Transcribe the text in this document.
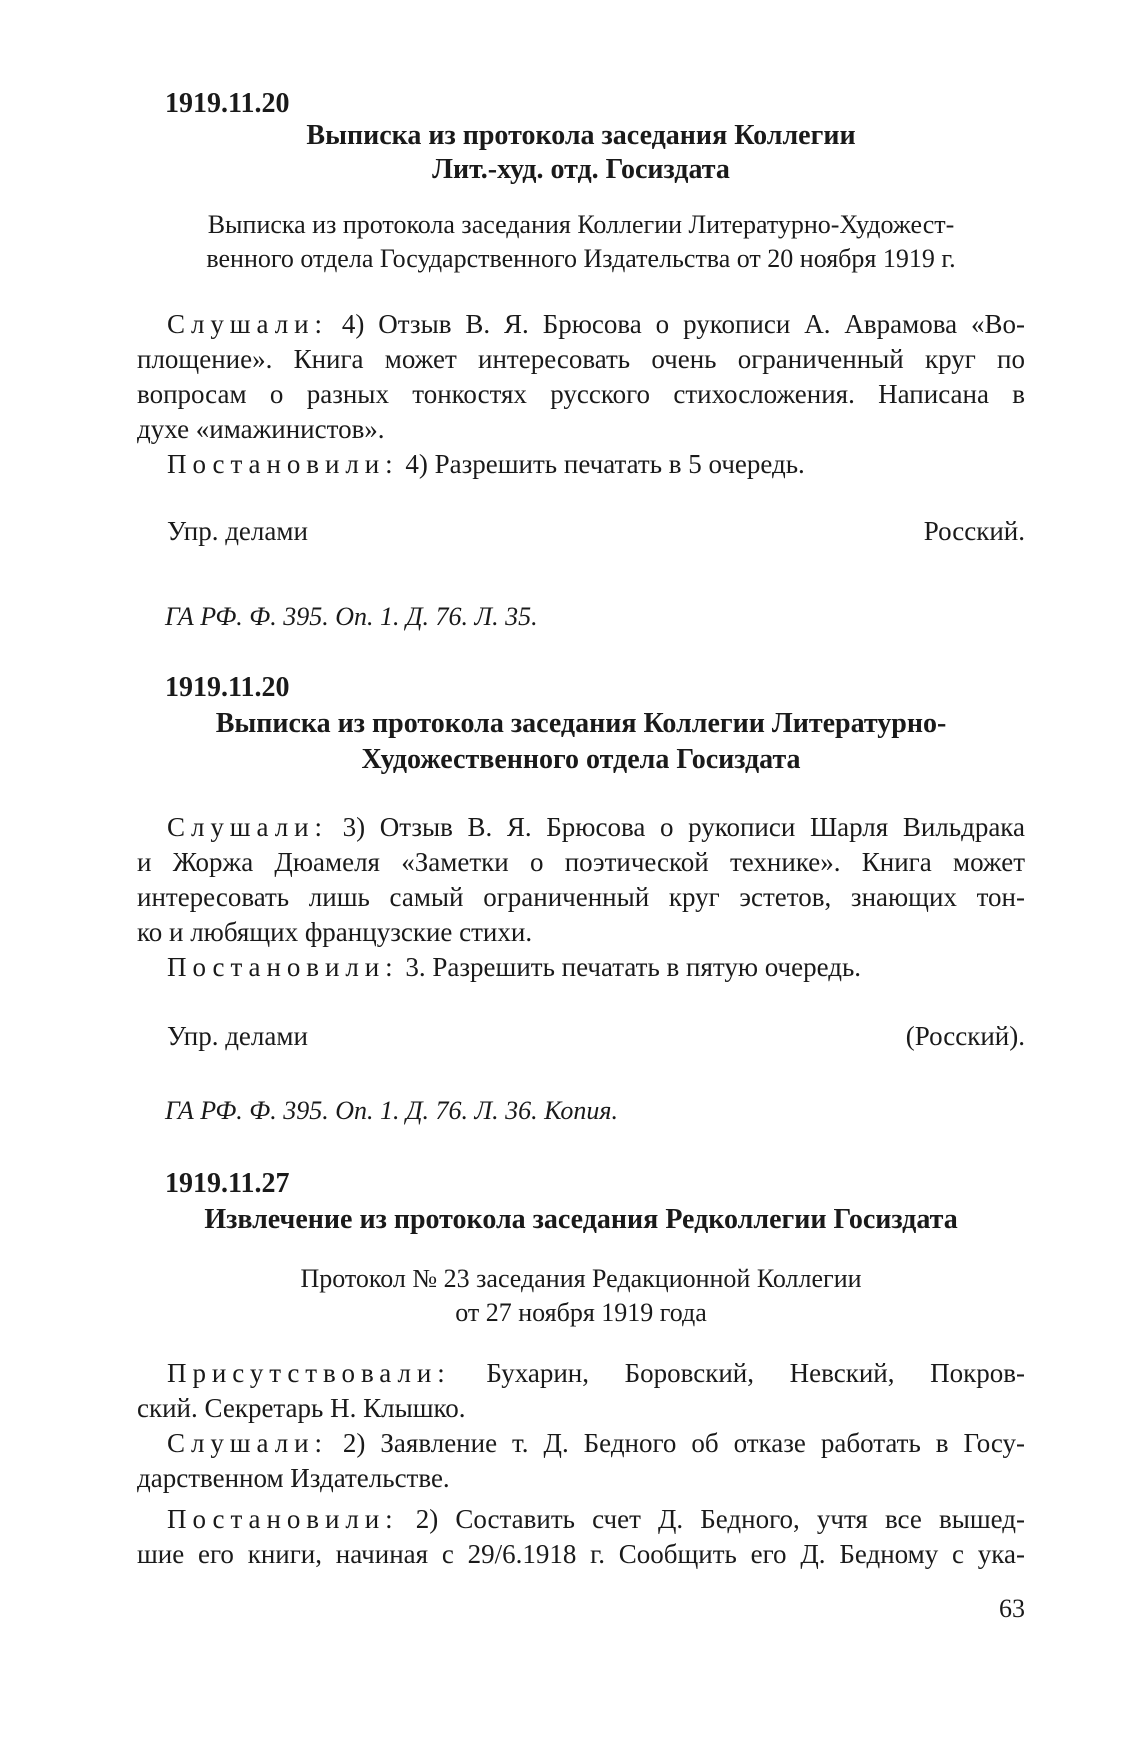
1919.11.20
Выписка из протокола заседания Коллегии
Лит.-худ. отд. Госиздата
Выписка из протокола заседания Коллегии Литературно-Художест-
венного отдела Государственного Издательства от 20 ноября 1919 г.
Слушали: 4) Отзыв В. Я. Брюсова о рукописи А. Аврамова «Во-
площение». Книга может интересовать очень ограниченный круг по
вопросам о разных тонкостях русского стихосложения. Написана в
духе «имажинистов».
Постановили: 4) Разрешить печатать в 5 очередь.
Упр. делами	Росский.
ГА РФ. Ф. 395. Оп. 1. Д. 76. Л. 35.
1919.11.20
Выписка из протокола заседания Коллегии Литературно-
Художественного отдела Госиздата
Слушали: 3) Отзыв В. Я. Брюсова о рукописи Шарля Вильдрака
и Жоржа Дюамеля «Заметки о поэтической технике». Книга может
интересовать лишь самый ограниченный круг эстетов, знающих тон-
ко и любящих французские стихи.
Постановили: 3. Разрешить печатать в пятую очередь.
Упр. делами	(Росский).
ГА РФ. Ф. 395. Оп. 1. Д. 76. Л. 36. Копия.
1919.11.27
Извлечение из протокола заседания Редколлегии Госиздата
Протокол № 23 заседания Редакционной Коллегии
от 27 ноября 1919 года
Присутствовали: Бухарин, Боровский, Невский, Покров-
ский. Секретарь Н. Клышко.
Слушали: 2) Заявление т. Д. Бедного об отказе работать в Госу-
дарственном Издательстве.
Постановили: 2) Составить счет Д. Бедного, учтя все вышед-
шие его книги, начиная с 29/6.1918 г. Сообщить его Д. Бедному с ука-
63
